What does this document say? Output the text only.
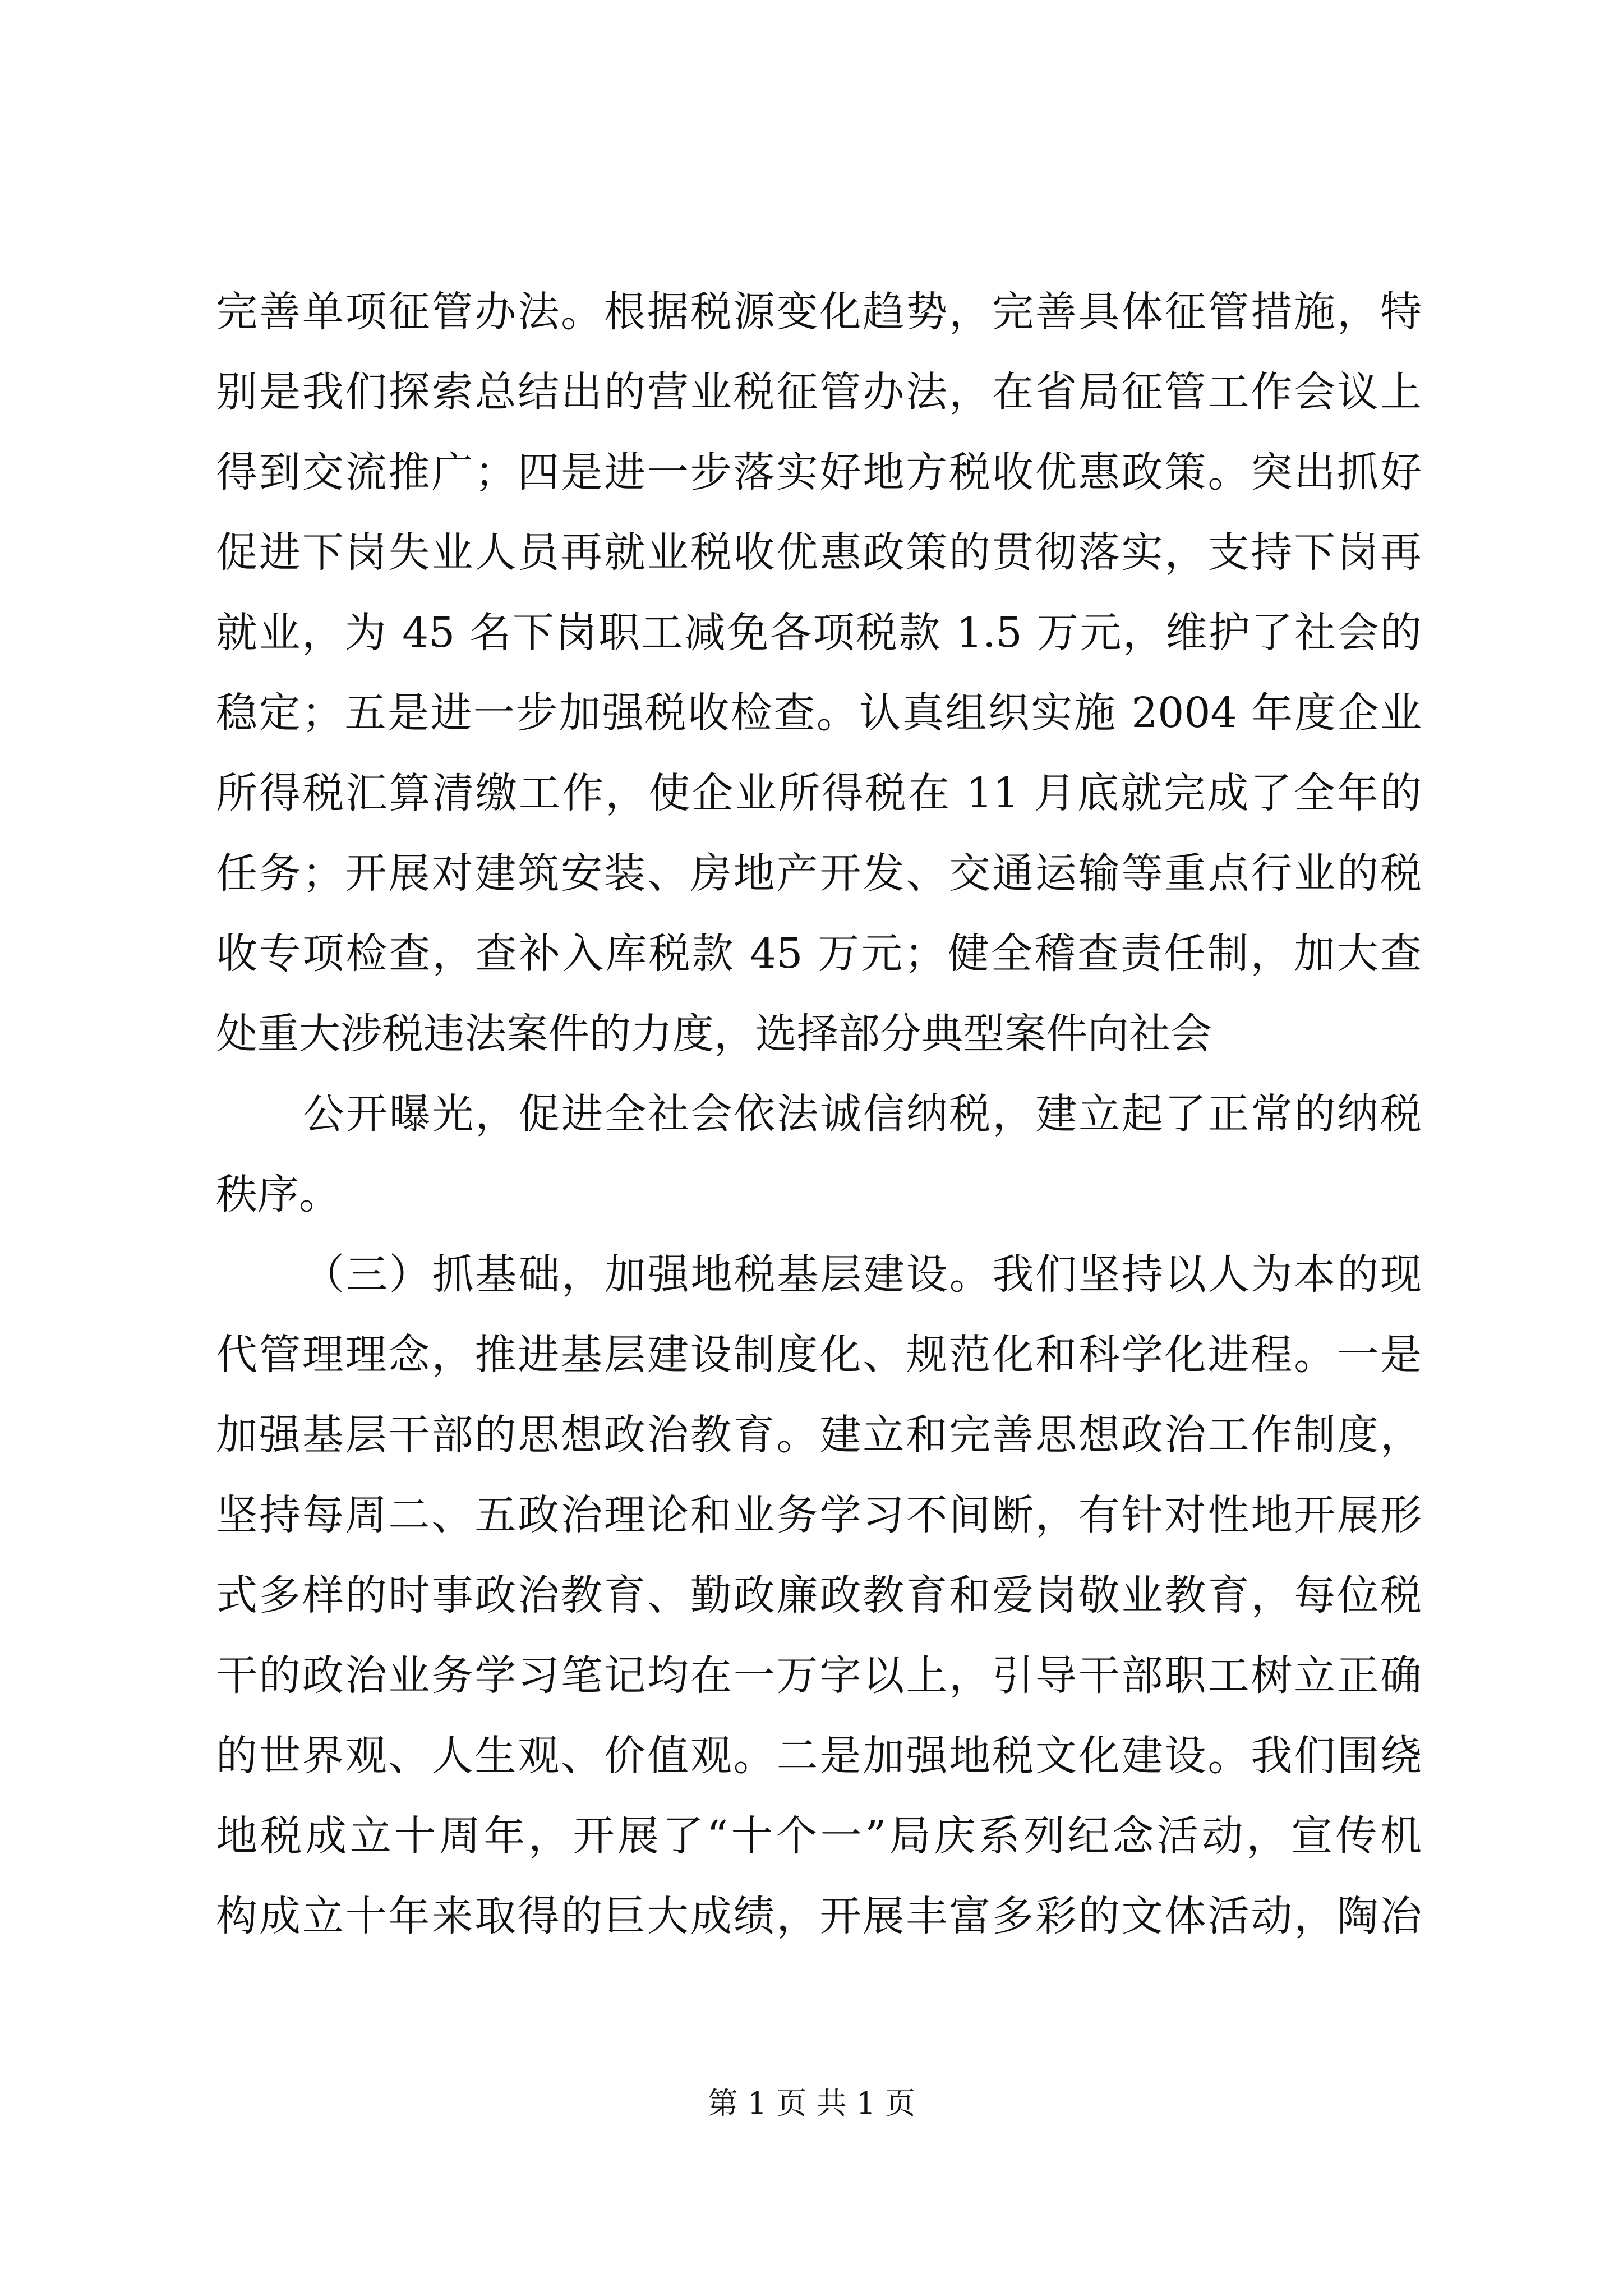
完善单项征管办法。根据税源变化趋势，完善具体征管措施，特
别是我们探索总结出的营业税征管办法，在省局征管工作会议上
得到交流推广；四是进一步落实好地方税收优惠政策。突出抓好
促进下岗失业人员再就业税收优惠政策的贯彻落实，支持下岗再
就业，为 45 名下岗职工减免各项税款 1.5 万元，维护了社会的
稳定；五是进一步加强税收检查。认真组织实施 2004 年度企业
所得税汇算清缴工作，使企业所得税在 11 月底就完成了全年的
任务；开展对建筑安装、房地产开发、交通运输等重点行业的税
收专项检查，查补入库税款 45 万元；健全稽查责任制，加大查
处重大涉税违法案件的力度，选择部分典型案件向社会
公开曝光，促进全社会依法诚信纳税，建立起了正常的纳税
秩序。
（三）抓基础，加强地税基层建设。我们坚持以人为本的现
代管理理念，推进基层建设制度化、规范化和科学化进程。一是
加强基层干部的思想政治教育。建立和完善思想政治工作制度，
坚持每周二、五政治理论和业务学习不间断，有针对性地开展形
式多样的时事政治教育、勤政廉政教育和爱岗敬业教育，每位税
干的政治业务学习笔记均在一万字以上，引导干部职工树立正确
的世界观、人生观、价值观。二是加强地税文化建设。我们围绕
地税成立十周年，开展了“十个一”局庆系列纪念活动，宣传机
构成立十年来取得的巨大成绩，开展丰富多彩的文体活动，陶冶
第 1 页 共 1 页
